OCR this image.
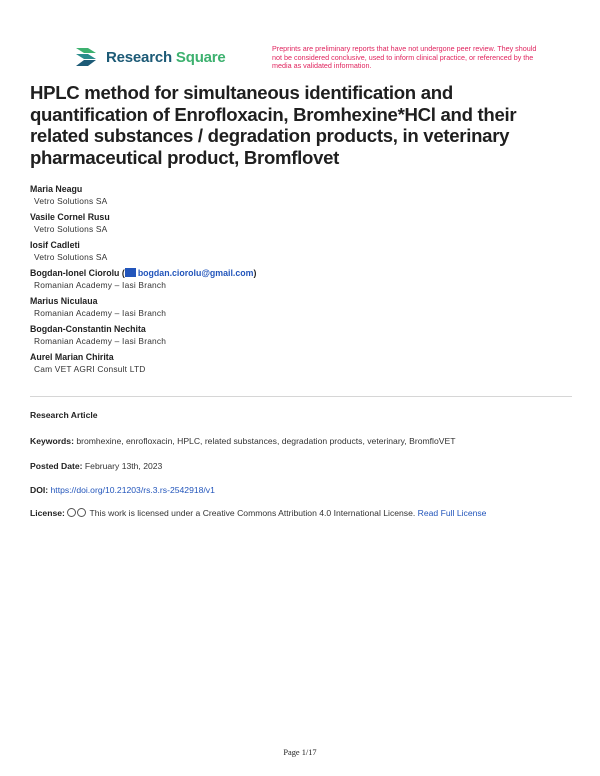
Research Square	Preprints are preliminary reports that have not undergone peer review. They should not be considered conclusive, used to inform clinical practice, or referenced by the media as validated information.
HPLC method for simultaneous identification and quantification of Enrofloxacin, Bromhexine*HCl and their related substances / degradation products, in veterinary pharmaceutical product, Bromflovet
Maria Neagu
Vetro Solutions SA
Vasile Cornel Rusu
Vetro Solutions SA
Iosif Cadleti
Vetro Solutions SA
Bogdan-Ionel Ciorolu ( bogdan.ciorolu@gmail.com)
Romanian Academy – Iasi Branch
Marius Niculaua
Romanian Academy – Iasi Branch
Bogdan-Constantin Nechita
Romanian Academy – Iasi Branch
Aurel Marian Chirita
Cam VET AGRI Consult LTD
Research Article
Keywords: bromhexine, enrofloxacin, HPLC, related substances, degradation products, veterinary, BromfloVET
Posted Date: February 13th, 2023
DOI: https://doi.org/10.21203/rs.3.rs-2542918/v1
License:	This work is licensed under a Creative Commons Attribution 4.0 International License. Read Full License
Page 1/17
